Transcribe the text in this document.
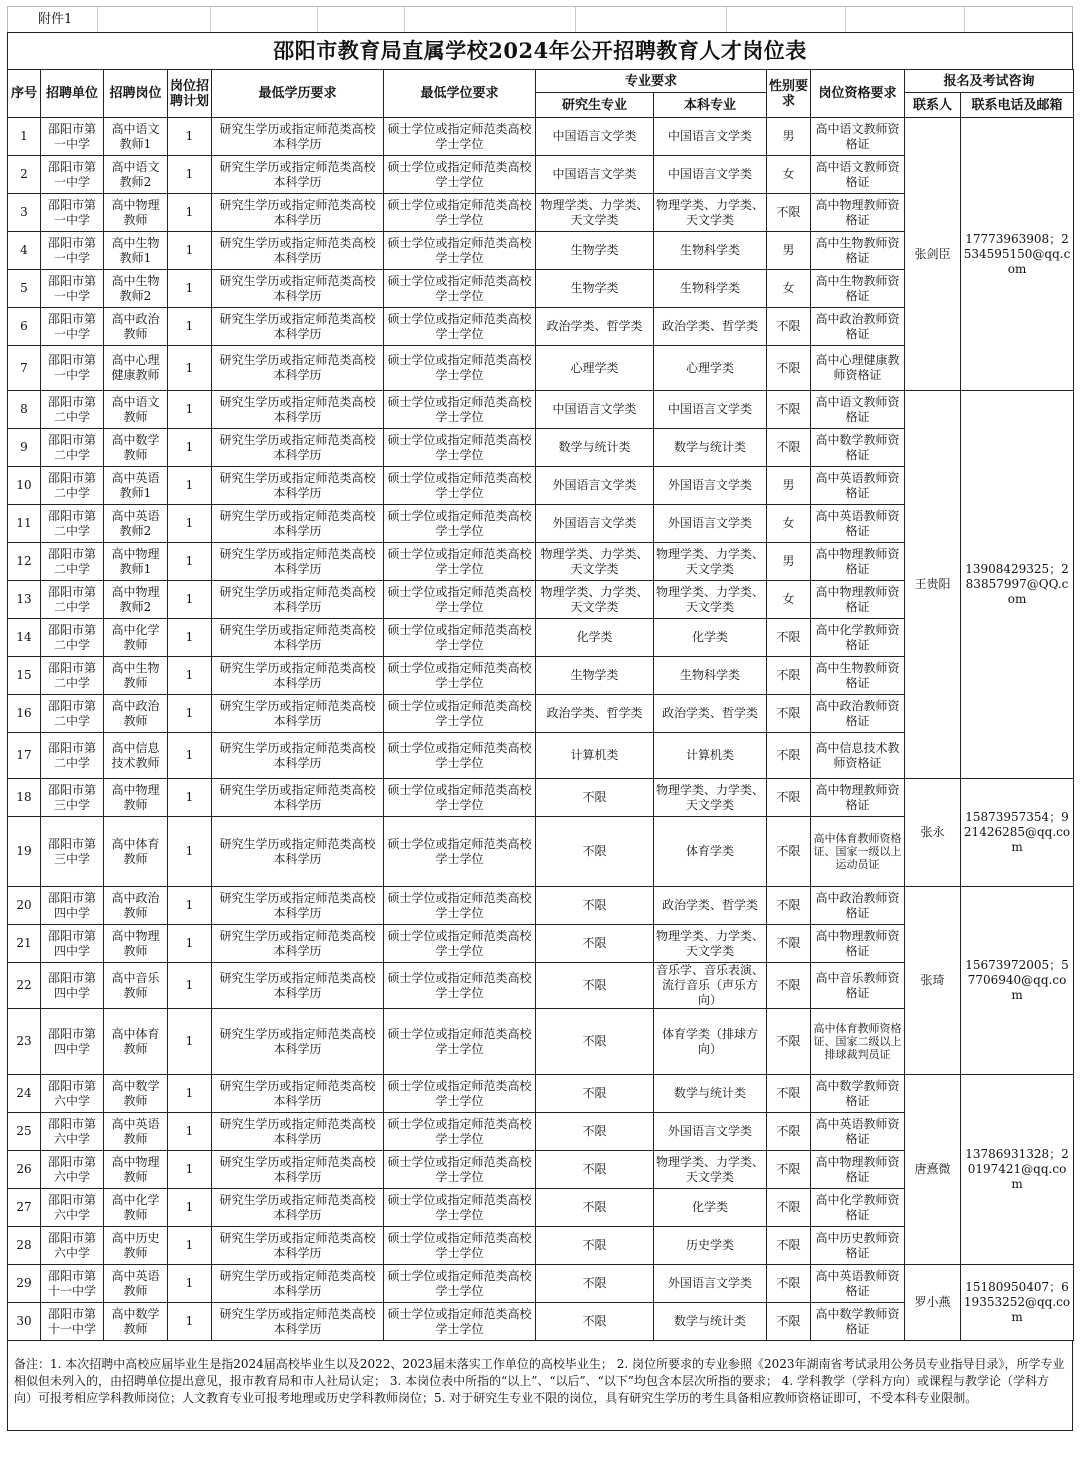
附件1
邵阳市教育局直属学校2024年公开招聘教育人才岗位表
序号	招聘单位	招聘岗位	岗位招聘计划	最低学历要求	最低学位要求	专业要求		性别要求	岗位资格要求	报名及考试咨询	
						研究生专业	本科专业			联系人	联系电话及邮箱
1	邵阳市第一中学	高中语文教师1	1	研究生学历或指定师范类高校本科学历	硕士学位或指定师范类高校学士学位	中国语言文学类	中国语言文学类	男	高中语文教师资格证	张剑臣	17773963908；2534595150@qq.com
2	邵阳市第一中学	高中语文教师2	1	研究生学历或指定师范类高校本科学历	硕士学位或指定师范类高校学士学位	中国语言文学类	中国语言文学类	女	高中语文教师资格证		
3	邵阳市第一中学	高中物理教师	1	研究生学历或指定师范类高校本科学历	硕士学位或指定师范类高校学士学位	物理学类、力学类、天文学类	物理学类、力学类、天文学类	不限	高中物理教师资格证		
4	邵阳市第一中学	高中生物教师1	1	研究生学历或指定师范类高校本科学历	硕士学位或指定师范类高校学士学位	生物学类	生物科学类	男	高中生物教师资格证		
5	邵阳市第一中学	高中生物教师2	1	研究生学历或指定师范类高校本科学历	硕士学位或指定师范类高校学士学位	生物学类	生物科学类	女	高中生物教师资格证		
6	邵阳市第一中学	高中政治教师	1	研究生学历或指定师范类高校本科学历	硕士学位或指定师范类高校学士学位	政治学类、哲学类	政治学类、哲学类	不限	高中政治教师资格证		
7	邵阳市第一中学	高中心理健康教师	1	研究生学历或指定师范类高校本科学历	硕士学位或指定师范类高校学士学位	心理学类	心理学类	不限	高中心理健康教师资格证		
8	邵阳市第二中学	高中语文教师	1	研究生学历或指定师范类高校本科学历	硕士学位或指定师范类高校学士学位	中国语言文学类	中国语言文学类	不限	高中语文教师资格证	王贵阳	13908429325；283857997@QQ.com
9	邵阳市第二中学	高中数学教师	1	研究生学历或指定师范类高校本科学历	硕士学位或指定师范类高校学士学位	数学与统计类	数学与统计类	不限	高中数学教师资格证		
10	邵阳市第二中学	高中英语教师1	1	研究生学历或指定师范类高校本科学历	硕士学位或指定师范类高校学士学位	外国语言文学类	外国语言文学类	男	高中英语教师资格证		
11	邵阳市第二中学	高中英语教师2	1	研究生学历或指定师范类高校本科学历	硕士学位或指定师范类高校学士学位	外国语言文学类	外国语言文学类	女	高中英语教师资格证		
12	邵阳市第二中学	高中物理教师1	1	研究生学历或指定师范类高校本科学历	硕士学位或指定师范类高校学士学位	物理学类、力学类、天文学类	物理学类、力学类、天文学类	男	高中物理教师资格证		
13	邵阳市第二中学	高中物理教师2	1	研究生学历或指定师范类高校本科学历	硕士学位或指定师范类高校学士学位	物理学类、力学类、天文学类	物理学类、力学类、天文学类	女	高中物理教师资格证		
14	邵阳市第二中学	高中化学教师	1	研究生学历或指定师范类高校本科学历	硕士学位或指定师范类高校学士学位	化学类	化学类	不限	高中化学教师资格证		
15	邵阳市第二中学	高中生物教师	1	研究生学历或指定师范类高校本科学历	硕士学位或指定师范类高校学士学位	生物学类	生物科学类	不限	高中生物教师资格证		
16	邵阳市第二中学	高中政治教师	1	研究生学历或指定师范类高校本科学历	硕士学位或指定师范类高校学士学位	政治学类、哲学类	政治学类、哲学类	不限	高中政治教师资格证		
17	邵阳市第二中学	高中信息技术教师	1	研究生学历或指定师范类高校本科学历	硕士学位或指定师范类高校学士学位	计算机类	计算机类	不限	高中信息技术教师资格证		
18	邵阳市第三中学	高中物理教师	1	研究生学历或指定师范类高校本科学历	硕士学位或指定师范类高校学士学位	不限	物理学类、力学类、天文学类	不限	高中物理教师资格证	张永	15873957354；921426285@qq.com
19	邵阳市第三中学	高中体育教师	1	研究生学历或指定师范类高校本科学历	硕士学位或指定师范类高校学士学位	不限	体育学类	不限	高中体育教师资格证、国家一级以上运动员证		
20	邵阳市第四中学	高中政治教师	1	研究生学历或指定师范类高校本科学历	硕士学位或指定师范类高校学士学位	不限	政治学类、哲学类	不限	高中政治教师资格证	张琦	15673972005；57706940@qq.com
21	邵阳市第四中学	高中物理教师	1	研究生学历或指定师范类高校本科学历	硕士学位或指定师范类高校学士学位	不限	物理学类、力学类、天文学类	不限	高中物理教师资格证		
22	邵阳市第四中学	高中音乐教师	1	研究生学历或指定师范类高校本科学历	硕士学位或指定师范类高校学士学位	不限	音乐学、音乐表演、流行音乐（声乐方向）	不限	高中音乐教师资格证		
23	邵阳市第四中学	高中体育教师	1	研究生学历或指定师范类高校本科学历	硕士学位或指定师范类高校学士学位	不限	体育学类（排球方向）	不限	高中体育教师资格证、国家二级以上排球裁判员证		
24	邵阳市第六中学	高中数学教师	1	研究生学历或指定师范类高校本科学历	硕士学位或指定师范类高校学士学位	不限	数学与统计类	不限	高中数学教师资格证	唐熹微	13786931328；20197421@qq.com
25	邵阳市第六中学	高中英语教师	1	研究生学历或指定师范类高校本科学历	硕士学位或指定师范类高校学士学位	不限	外国语言文学类	不限	高中英语教师资格证		
26	邵阳市第六中学	高中物理教师	1	研究生学历或指定师范类高校本科学历	硕士学位或指定师范类高校学士学位	不限	物理学类、力学类、天文学类	不限	高中物理教师资格证		
27	邵阳市第六中学	高中化学教师	1	研究生学历或指定师范类高校本科学历	硕士学位或指定师范类高校学士学位	不限	化学类	不限	高中化学教师资格证		
28	邵阳市第六中学	高中历史教师	1	研究生学历或指定师范类高校本科学历	硕士学位或指定师范类高校学士学位	不限	历史学类	不限	高中历史教师资格证		
29	邵阳市第十一中学	高中英语教师	1	研究生学历或指定师范类高校本科学历	硕士学位或指定师范类高校学士学位	不限	外国语言文学类	不限	高中英语教师资格证	罗小燕	15180950407；619353252@qq.com
30	邵阳市第十一中学	高中数学教师	1	研究生学历或指定师范类高校本科学历	硕士学位或指定师范类高校学士学位	不限	数学与统计类	不限	高中数学教师资格证		
备注：1. 本次招聘中高校应届毕业生是指2024届高校毕业生以及2022、2023届未落实工作单位的高校毕业生； 2. 岗位所要求的专业参照《2023年湖南省考试录用公务员专业指导目录》，所学专业相似但未列入的，由招聘单位提出意见，报市教育局和市人社局认定； 3. 本岗位表中所指的“以上”、“以后”、“以下”均包含本层次所指的要求； 4. 学科教学（学科方向）或课程与教学论（学科方向）可报考相应学科教师岗位；人文教育专业可报考地理或历史学科教师岗位；5. 对于研究生专业不限的岗位，具有研究生学历的考生具备相应教师资格证即可，不受本科专业限制。
